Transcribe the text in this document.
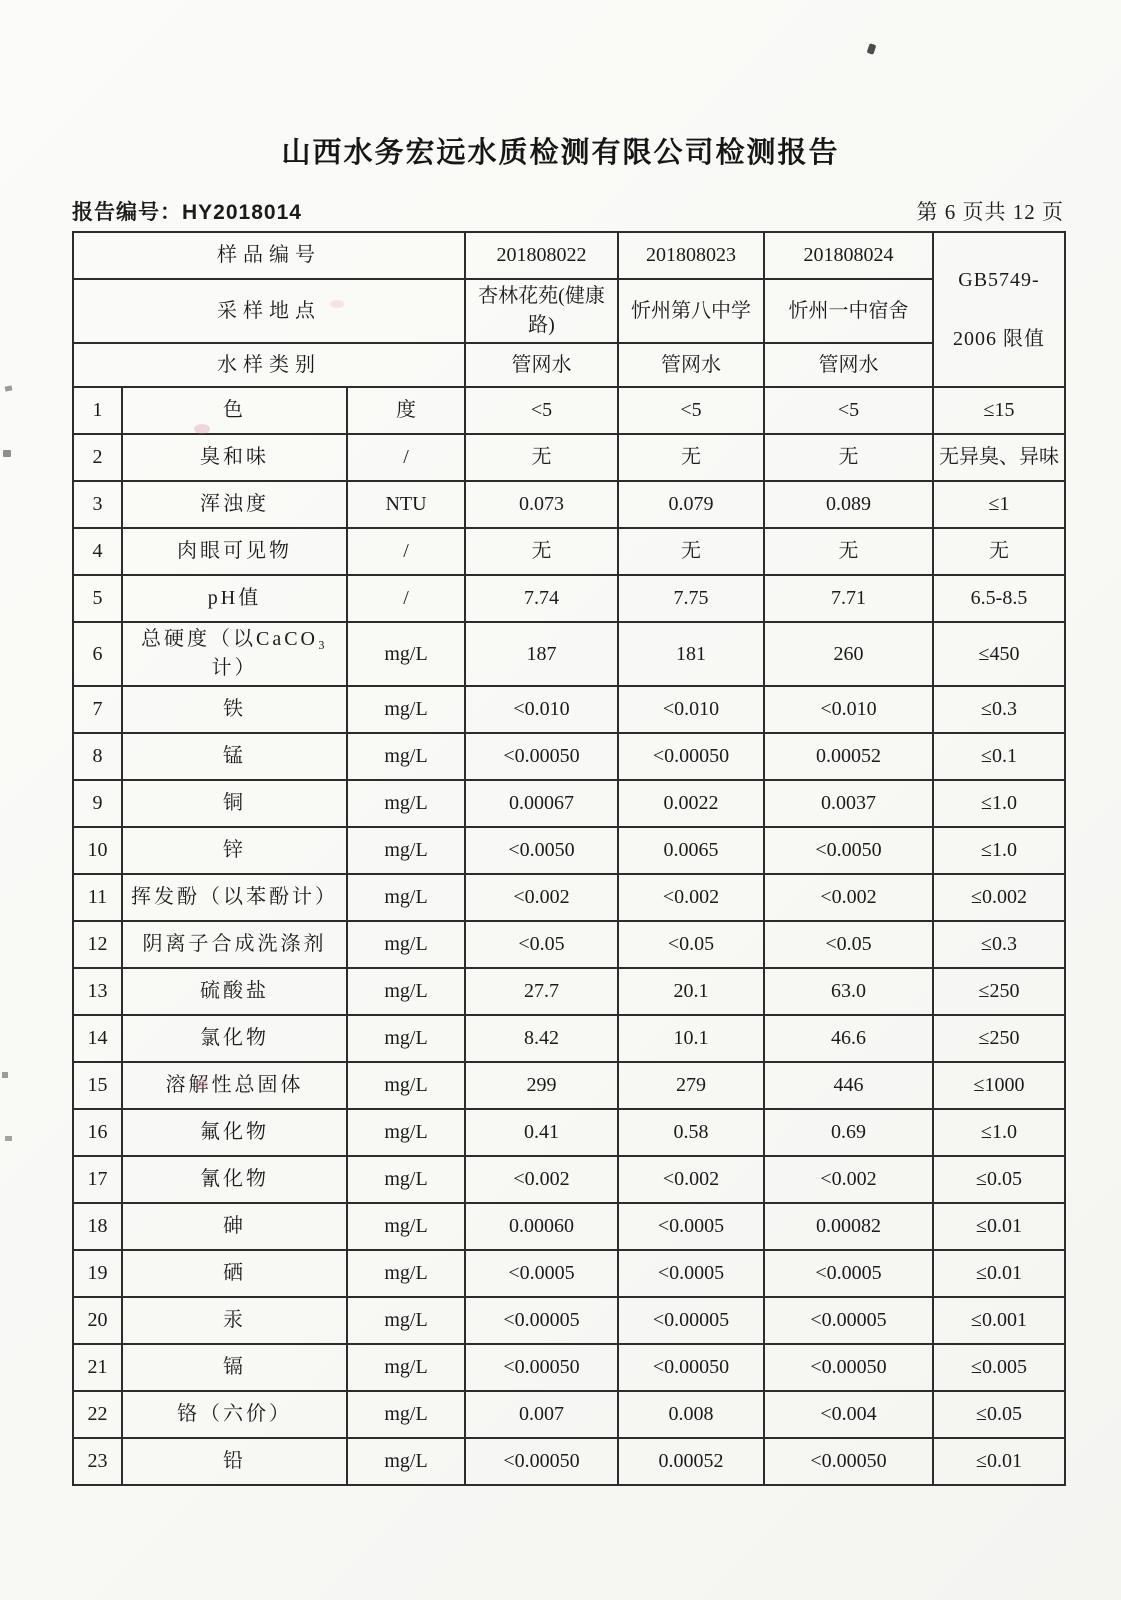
山西水务宏远水质检测有限公司检测报告
报告编号：HY2018014	第 6 页共 12 页
样品编号			201808022	201808023	201808024	GB5749-
2006 限值

采样地点			杏林花苑(健康路)	忻州第八中学	忻州一中宿舍	
水样类别			管网水	管网水	管网水	
1	色	度	<5	<5	<5	≤15
2	臭和味	/	无	无	无	无异臭、异味
3	浑浊度	NTU	0.073	0.079	0.089	≤1
4	肉眼可见物	/	无	无	无	无
5	pH值	/	7.74	7.75	7.71	6.5-8.5
6	总硬度（以CaCO₃计）	mg/L	187	181	260	≤450
7	铁	mg/L	<0.010	<0.010	<0.010	≤0.3
8	锰	mg/L	<0.00050	<0.00050	0.00052	≤0.1
9	铜	mg/L	0.00067	0.0022	0.0037	≤1.0
10	锌	mg/L	<0.0050	0.0065	<0.0050	≤1.0
11	挥发酚（以苯酚计）	mg/L	<0.002	<0.002	<0.002	≤0.002
12	阴离子合成洗涤剂	mg/L	<0.05	<0.05	<0.05	≤0.3
13	硫酸盐	mg/L	27.7	20.1	63.0	≤250
14	氯化物	mg/L	8.42	10.1	46.6	≤250
15	溶解性总固体	mg/L	299	279	446	≤1000
16	氟化物	mg/L	0.41	0.58	0.69	≤1.0
17	氰化物	mg/L	<0.002	<0.002	<0.002	≤0.05
18	砷	mg/L	0.00060	<0.0005	0.00082	≤0.01
19	硒	mg/L	<0.0005	<0.0005	<0.0005	≤0.01
20	汞	mg/L	<0.00005	<0.00005	<0.00005	≤0.001
21	镉	mg/L	<0.00050	<0.00050	<0.00050	≤0.005
22	铬（六价）	mg/L	0.007	0.008	<0.004	≤0.05
23	铅	mg/L	<0.00050	0.00052	<0.00050	≤0.01
